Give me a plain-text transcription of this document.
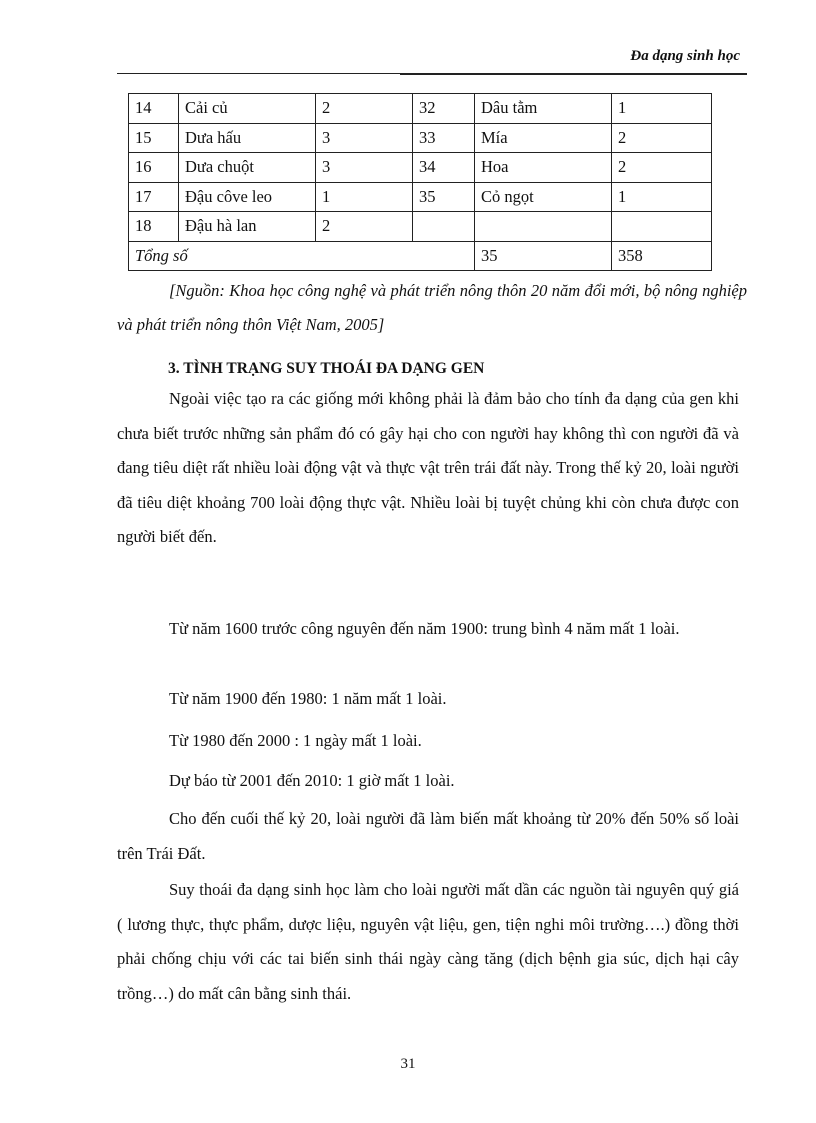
Đa dạng sinh học
14	Cải củ	2	32	Dâu tằm	1
15	Dưa hấu	3	33	Mía	2
16	Dưa chuột	3	34	Hoa	2
17	Đậu côve leo	1	35	Cỏ ngọt	1
18	Đậu hà lan	2			
Tổng số				35	358
[Nguồn: Khoa học công nghệ và phát triển nông thôn 20 năm đổi mới, bộ nông nghiệp và phát triển nông thôn Việt Nam, 2005]
3. TÌNH TRẠNG SUY THOÁI ĐA DẠNG GEN

Ngoài việc tạo ra các giống mới không phải là đảm bảo cho tính đa dạng của gen khi chưa biết trước những sản phẩm đó có gây hại cho con người hay không thì con người đã và đang tiêu diệt rất nhiều loài động vật và thực vật trên trái đất này. Trong thế kỷ 20, loài người đã tiêu diệt khoảng 700 loài động thực vật. Nhiều loài bị tuyệt chủng khi còn chưa được con người biết đến.

Từ năm 1600 trước công nguyên đến năm 1900: trung bình 4 năm mất 1 loài.

Từ năm 1900 đến 1980: 1 năm mất 1 loài.

Từ 1980 đến 2000 : 1 ngày mất 1 loài.

Dự báo từ 2001 đến 2010: 1 giờ mất 1 loài.

Cho đến cuối thế kỷ 20, loài người đã làm biến mất khoảng từ 20% đến 50% số loài trên Trái Đất.

Suy thoái đa dạng sinh học làm cho loài người mất dần các nguồn tài nguyên quý giá ( lương thực, thực phẩm, dược liệu, nguyên vật liệu, gen, tiện nghi môi trường….) đồng thời phải chống chịu với các tai biến sinh thái ngày càng tăng (dịch bệnh gia súc, dịch hại cây trồng…) do mất cân bằng sinh thái.

31
